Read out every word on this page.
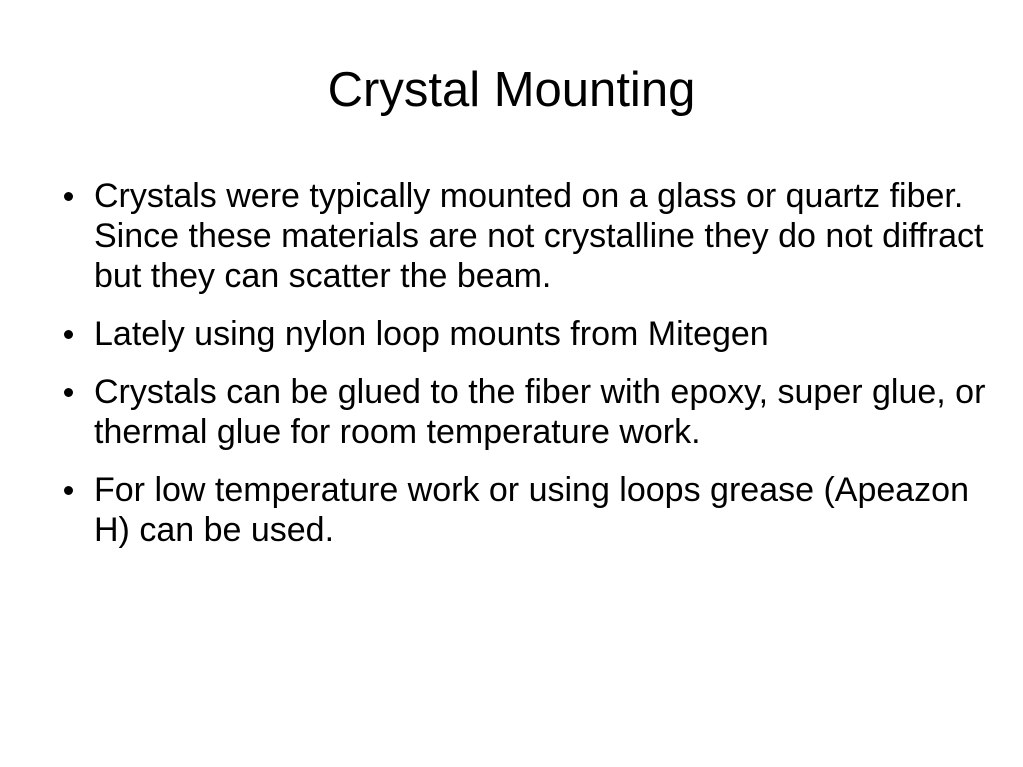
Crystal Mounting
Crystals were typically mounted on a glass or quartz fiber. Since these materials are not crystalline they do not diffract but they can scatter the beam.
Lately using nylon loop mounts from Mitegen
Crystals can be glued to the fiber with epoxy, super glue, or thermal glue for room temperature work.
For low temperature work or using loops grease (Apeazon H) can be used.
